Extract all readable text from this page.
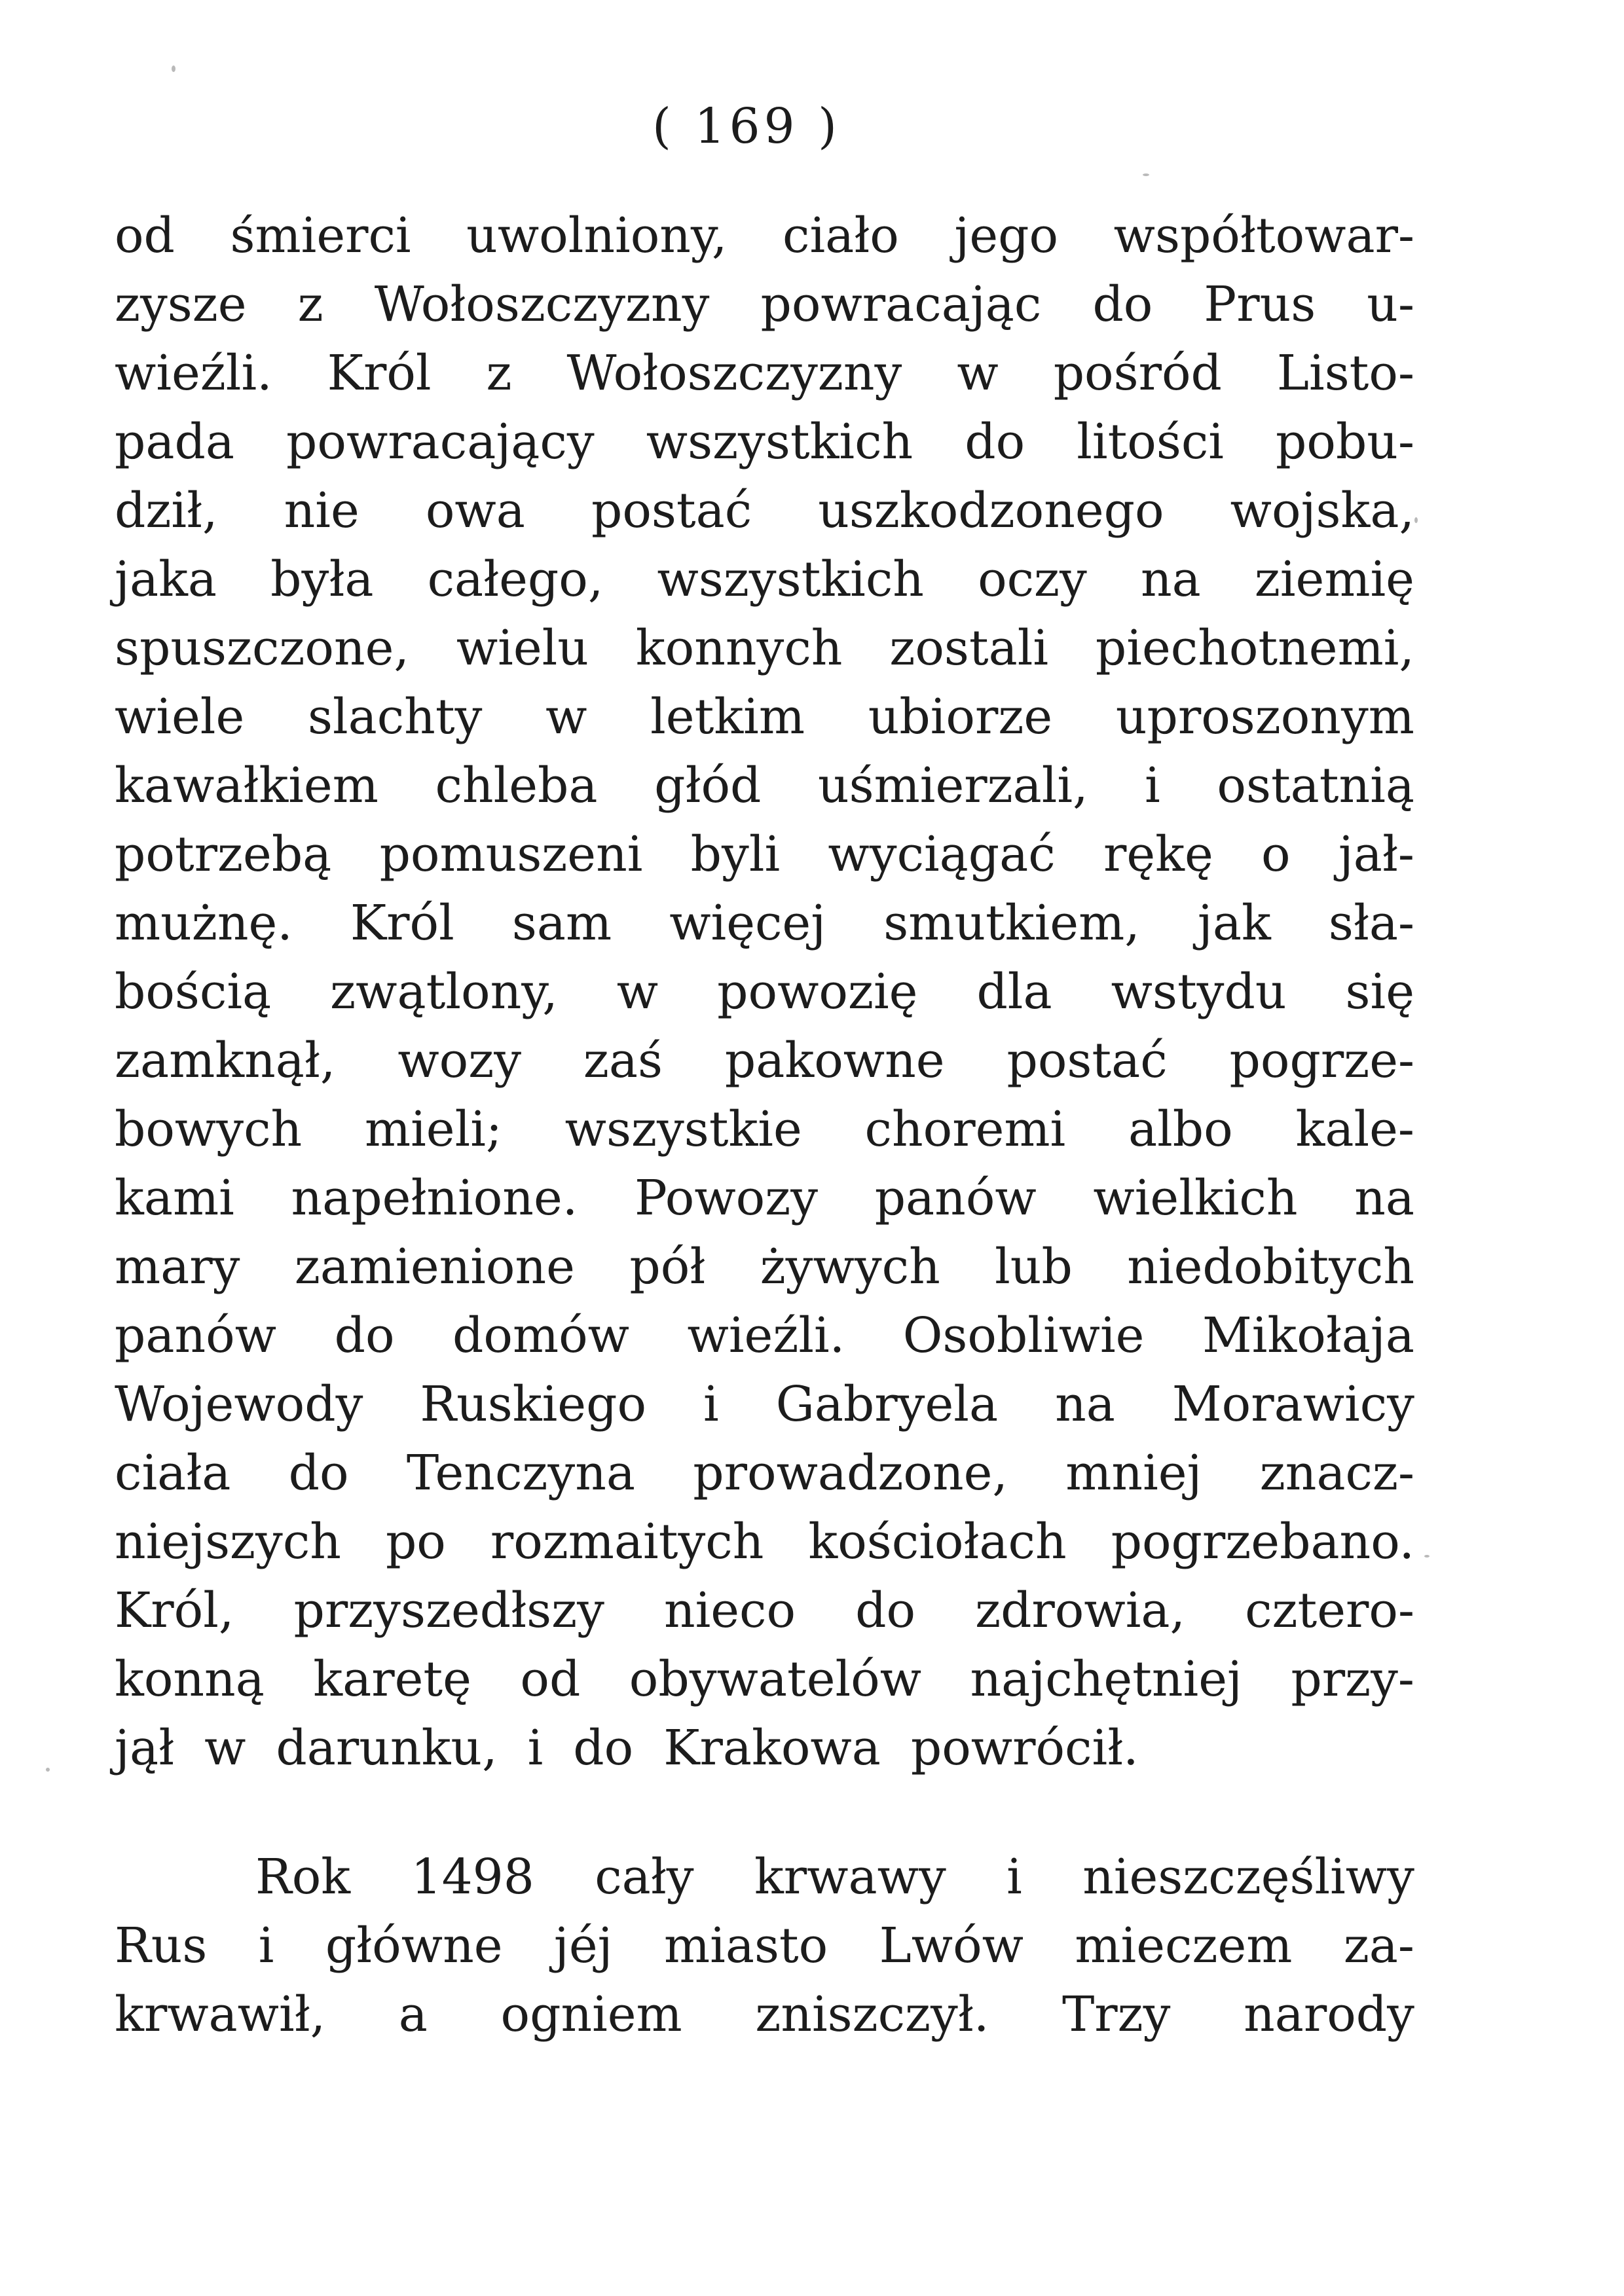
( 169 )
od śmierci uwolniony, ciało jego współtowar-
zysze z Wołoszczyzny powracając do Prus u-
wieźli. Król z Wołoszczyzny w pośród Listo-
pada powracający wszystkich do litości pobu-
dził, nie owa postać uszkodzonego wojska,
jaka była całego, wszystkich oczy na ziemię
spuszczone, wielu konnych zostali piechotnemi,
wiele slachty w letkim ubiorze uproszonym
kawałkiem chleba głód uśmierzali, i ostatnią
potrzebą pomuszeni byli wyciągać rękę o jał-
mużnę. Król sam więcej smutkiem, jak sła-
bością zwątlony, w powozię dla wstydu się
zamknął, wozy zaś pakowne postać pogrze-
bowych mieli; wszystkie choremi albo kale-
kami napełnione. Powozy panów wielkich na
mary zamienione pół żywych lub niedobitych
panów do domów wieźli. Osobliwie Mikołaja
Wojewody Ruskiego i Gabryela na Morawicy
ciała do Tenczyna prowadzone, mniej znacz-
niejszych po rozmaitych kościołach pogrzebano.
Król, przyszedłszy nieco do zdrowia, cztero-
konną karetę od obywatelów najchętniej przy-
jął w darunku, i do Krakowa powrócił.
Rok 1498 cały krwawy i nieszczęśliwy
Rus i główne jéj miasto Lwów mieczem za-
krwawił, a ogniem zniszczył. Trzy narody
